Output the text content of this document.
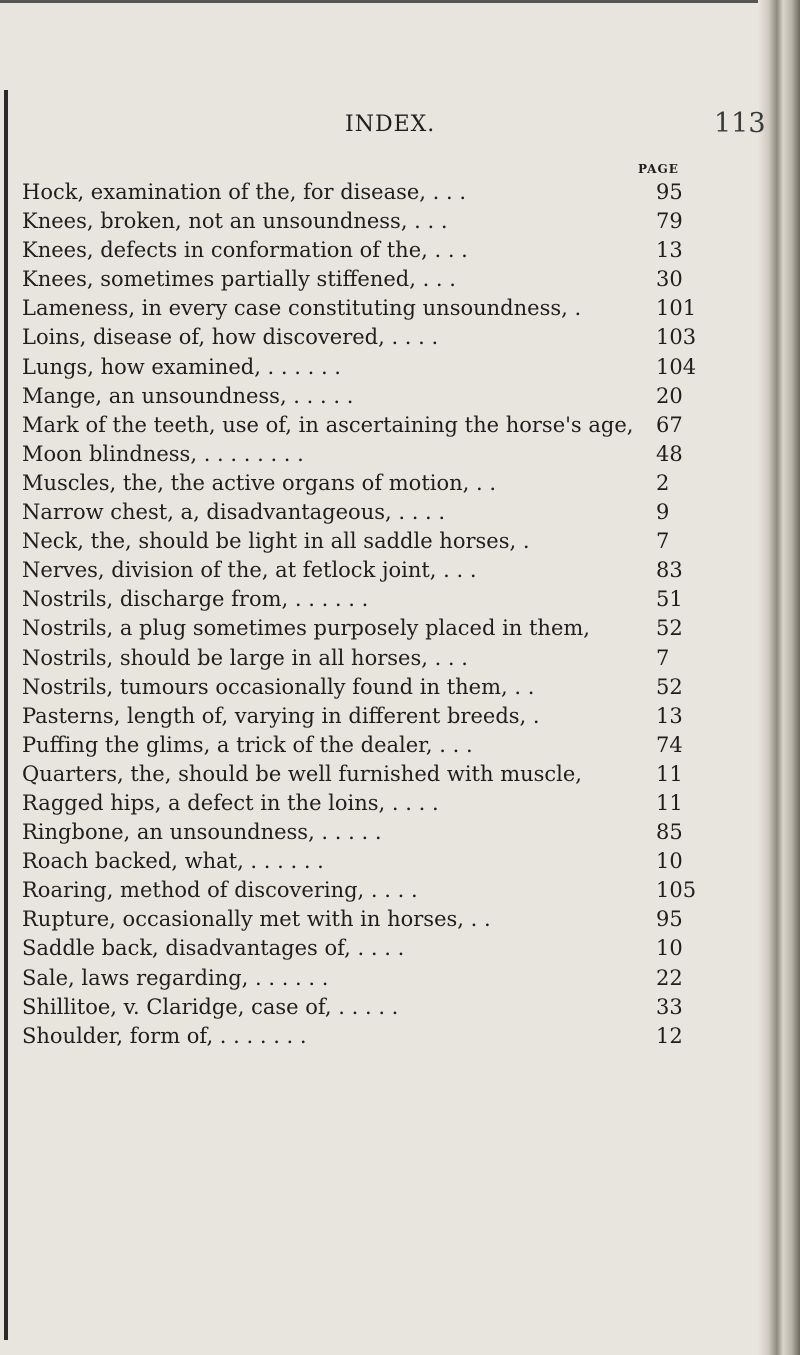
INDEX.	113
PAGE
Hock, examination of the, for disease, . . .	95
Knees, broken, not an unsoundness, . . .	79
Knees, defects in conformation of the, . . .	13
Knees, sometimes partially stiffened, . . .	30
Lameness, in every case constituting unsoundness, .	101
Loins, disease of, how discovered, . . . .	103
Lungs, how examined, . . . . . .	104
Mange, an unsoundness, . . . . .	20
Mark of the teeth, use of, in ascertaining the horse's age, 67
Moon blindness, . . . . . . . .	48
Muscles, the, the active organs of motion, . .	2
Narrow chest, a, disadvantageous, . . . .	9
Neck, the, should be light in all saddle horses, .	7
Nerves, division of the, at fetlock joint, . . .	83
Nostrils, discharge from, . . . . . .	51
Nostrils, a plug sometimes purposely placed in them,	52
Nostrils, should be large in all horses, . . .	7
Nostrils, tumours occasionally found in them, . .	52
Pasterns, length of, varying in different breeds, .	13
Puffing the glims, a trick of the dealer, . . .	74
Quarters, the, should be well furnished with muscle,	11
Ragged hips, a defect in the loins, . . . .	11
Ringbone, an unsoundness, . . . . .	85
Roach backed, what, . . . . . .	10
Roaring, method of discovering, . . . .	105
Rupture, occasionally met with in horses, . .	95
Saddle back, disadvantages of, . . . .	10
Sale, laws regarding, . . . . . .	22
Shillitoe, v. Claridge, case of, . . . . .	33
Shoulder, form of, . . . . . . .	12
